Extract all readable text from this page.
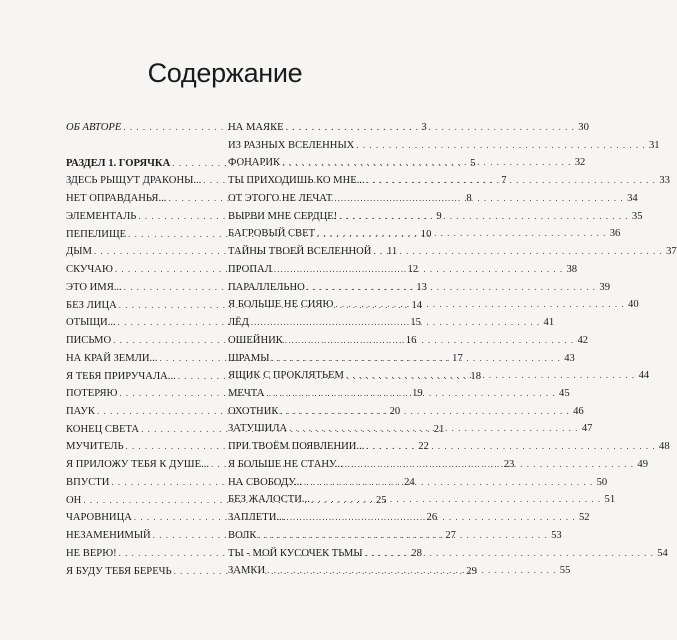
Содержание
ОБ АВТОРЕ . . .	3
РАЗДЕЛ 1. ГОРЯЧКА . . .	5
ЗДЕСЬ РЫЩУТ ДРАКОНЫ... . . .	7
НЕТ ОПРАВДАНЬЯ... . . .	8
ЭЛЕМЕНТАЛЬ . . .	9
ПЕПЕЛИЩЕ . . .	10
ДЫМ . . .	11
СКУЧАЮ . . .	12
ЭТО ИМЯ... . . .	13
БЕЗ ЛИЦА . . .	14
ОТЫЩИ... . . .	15
ПИСЬМО . . .	16
НА КРАЙ ЗЕМЛИ... . . .	17
Я ТЕБЯ ПРИРУЧАЛА... . . .	18
ПОТЕРЯЮ . . .	19
ПАУК . . .	20
КОНЕЦ СВЕТА . . .	21
МУЧИТЕЛЬ . . .	22
Я ПРИЛОЖУ ТЕБЯ К ДУШЕ... . . .	23
ВПУСТИ . . .	24
ОН . . .	25
ЧАРОВНИЦА . . .	26
НЕЗАМЕНИМЫЙ . . .	27
НЕ ВЕРЮ! . . .	28
Я БУДУ ТЕБЯ БЕРЕЧЬ . . .	29
НА МАЯКЕ . . .	30
ИЗ РАЗНЫХ ВСЕЛЕННЫХ . . .	31
ФОНАРИК . . .	32
ТЫ ПРИХОДИШЬ КО МНЕ... . . .	33
ОТ ЭТОГО НЕ ЛЕЧАТ . . .	34
ВЫРВИ МНЕ СЕРДЦЕ! . . .	35
БАГРОВЫЙ СВЕТ . . .	36
ТАЙНЫ ТВОЕЙ ВСЕЛЕННОЙ . . .	37
ПРОПАЛ . . .	38
ПАРАЛЛЕЛЬНО . . .	39
Я БОЛЬШЕ НЕ СИЯЮ . . .	40
ЛЁД . . .	41
ОШЕЙНИК . . .	42
ШРАМЫ . . .	43
ЯЩИК С ПРОКЛЯТЬЕМ . . .	44
МЕЧТА . . .	45
ОХОТНИК . . .	46
ЗАТУШИЛА . . .	47
ПРИ ТВОЁМ ПОЯВЛЕНИИ... . . .	48
Я БОЛЬШЕ НЕ СТАНУ... . . .	49
НА СВОБОДУ... . . .	50
БЕЗ ЖАЛОСТИ... . . .	51
ЗАПЛЕТИ... . . .	52
ВОЛК . . .	53
ТЫ - МОЙ КУСОЧЕК ТЬМЫ . . .	54
ЗАМКИ . . .	55
